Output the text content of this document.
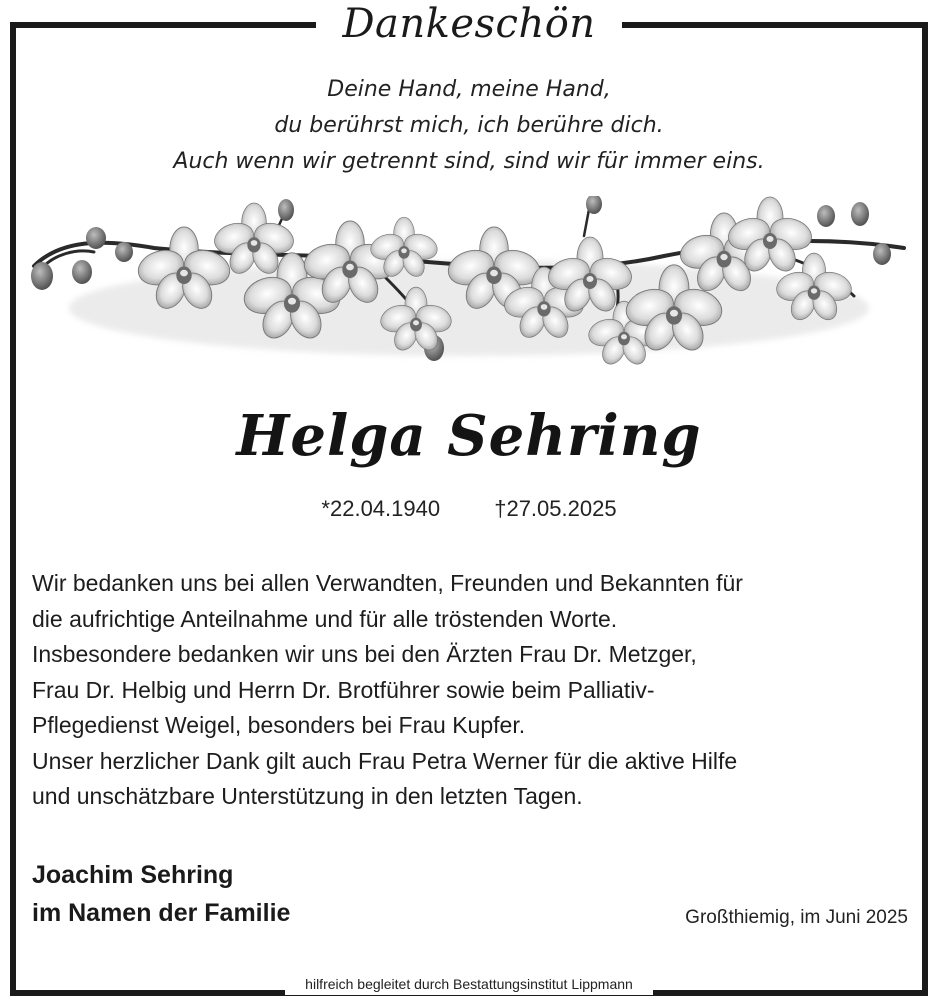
Dankeschön
Deine Hand, meine Hand,
du berührst mich, ich berühre dich.
Auch wenn wir getrennt sind, sind wir für immer eins.
Helga Sehring
*22.04.1940 †27.05.2025
Wir bedanken uns bei allen Verwandten, Freunden und Bekannten für
die aufrichtige Anteilnahme und für alle tröstenden Worte.
Insbesondere bedanken wir uns bei den Ärzten Frau Dr. Metzger,
Frau Dr. Helbig und Herrn Dr. Brotführer sowie beim Palliativ-
Pflegedienst Weigel, besonders bei Frau Kupfer.
Unser herzlicher Dank gilt auch Frau Petra Werner für die aktive Hilfe
und unschätzbare Unterstützung in den letzten Tagen.
Joachim Sehring
im Namen der Familie	Großthiemig, im Juni 2025
hilfreich begleitet durch Bestattungsinstitut Lippmann
